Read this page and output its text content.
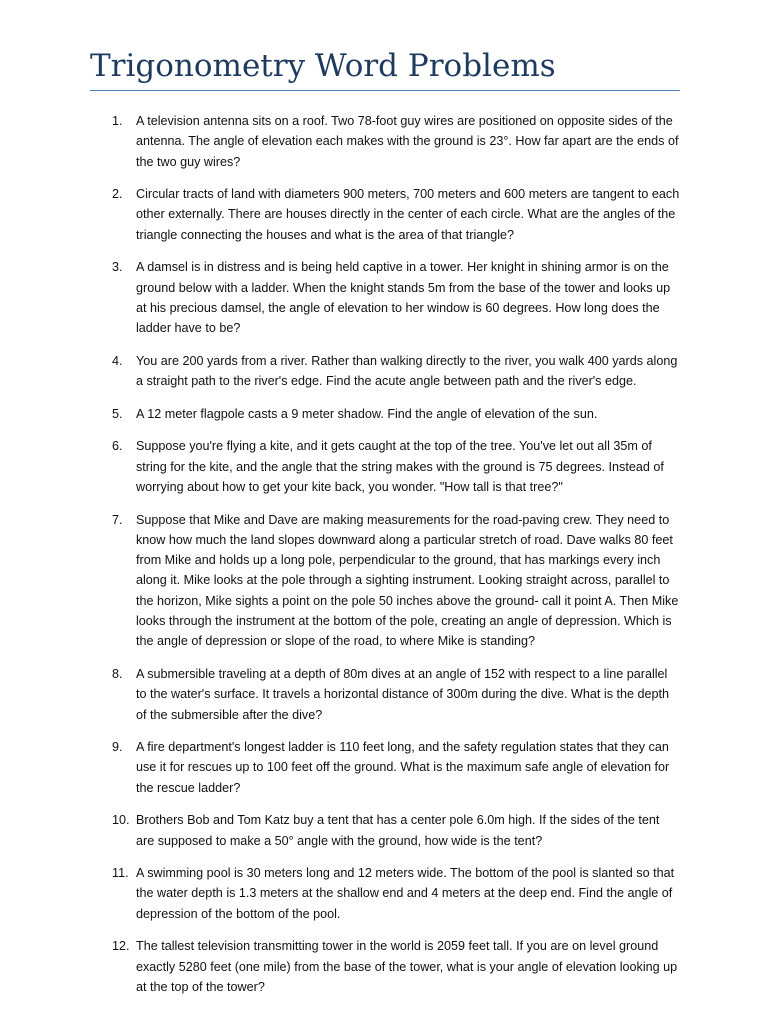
Trigonometry Word Problems
1. A television antenna sits on a roof. Two 78-foot guy wires are positioned on opposite sides of the antenna. The angle of elevation each makes with the ground is 23°. How far apart are the ends of the two guy wires?
2. Circular tracts of land with diameters 900 meters, 700 meters and 600 meters are tangent to each other externally. There are houses directly in the center of each circle. What are the angles of the triangle connecting the houses and what is the area of that triangle?
3. A damsel is in distress and is being held captive in a tower. Her knight in shining armor is on the ground below with a ladder. When the knight stands 5m from the base of the tower and looks up at his precious damsel, the angle of elevation to her window is 60 degrees. How long does the ladder have to be?
4. You are 200 yards from a river. Rather than walking directly to the river, you walk 400 yards along a straight path to the river's edge. Find the acute angle between path and the river's edge.
5. A 12 meter flagpole casts a 9 meter shadow. Find the angle of elevation of the sun.
6. Suppose you're flying a kite, and it gets caught at the top of the tree. You've let out all 35m of string for the kite, and the angle that the string makes with the ground is 75 degrees. Instead of worrying about how to get your kite back, you wonder. "How tall is that tree?"
7. Suppose that Mike and Dave are making measurements for the road-paving crew. They need to know how much the land slopes downward along a particular stretch of road. Dave walks 80 feet from Mike and holds up a long pole, perpendicular to the ground, that has markings every inch along it. Mike looks at the pole through a sighting instrument. Looking straight across, parallel to the horizon, Mike sights a point on the pole 50 inches above the ground- call it point A. Then Mike looks through the instrument at the bottom of the pole, creating an angle of depression. Which is the angle of depression or slope of the road, to where Mike is standing?
8. A submersible traveling at a depth of 80m dives at an angle of 152 with respect to a line parallel to the water's surface. It travels a horizontal distance of 300m during the dive. What is the depth of the submersible after the dive?
9. A fire department's longest ladder is 110 feet long, and the safety regulation states that they can use it for rescues up to 100 feet off the ground. What is the maximum safe angle of elevation for the rescue ladder?
10. Brothers Bob and Tom Katz buy a tent that has a center pole 6.0m high. If the sides of the tent are supposed to make a 50° angle with the ground, how wide is the tent?
11. A swimming pool is 30 meters long and 12 meters wide. The bottom of the pool is slanted so that the water depth is 1.3 meters at the shallow end and 4 meters at the deep end. Find the angle of depression of the bottom of the pool.
12. The tallest television transmitting tower in the world is 2059 feet tall. If you are on level ground exactly 5280 feet (one mile) from the base of the tower, what is your angle of elevation looking up at the top of the tower?
